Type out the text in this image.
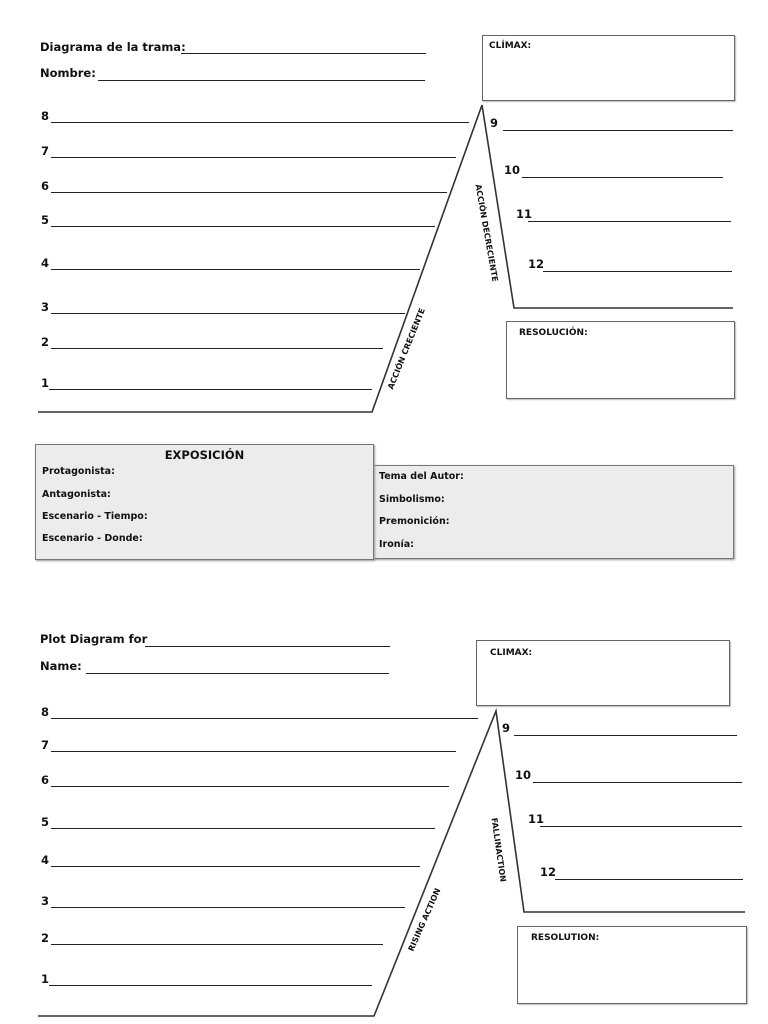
Diagrama de la trama:
Nombre:
CLÍMAX:
8
7
6
5
4
3
2
1
9
10
11
12
ACCIÓN CRECIENTE
ACCIÓN DECRECIENTE
RESOLUCIÓN:
Tema del Autor:
Simbolismo:
Premonición:
Ironía:
EXPOSICIÓN
Protagonista:
Antagonista:
Escenario - Tiempo:
Escenario - Donde:
Plot Diagram for
Name:
CLIMAX:
8
7
6
5
4
3
2
1
9
10
11
12
RISING ACTION
FALLINACTION
RESOLUTION:
